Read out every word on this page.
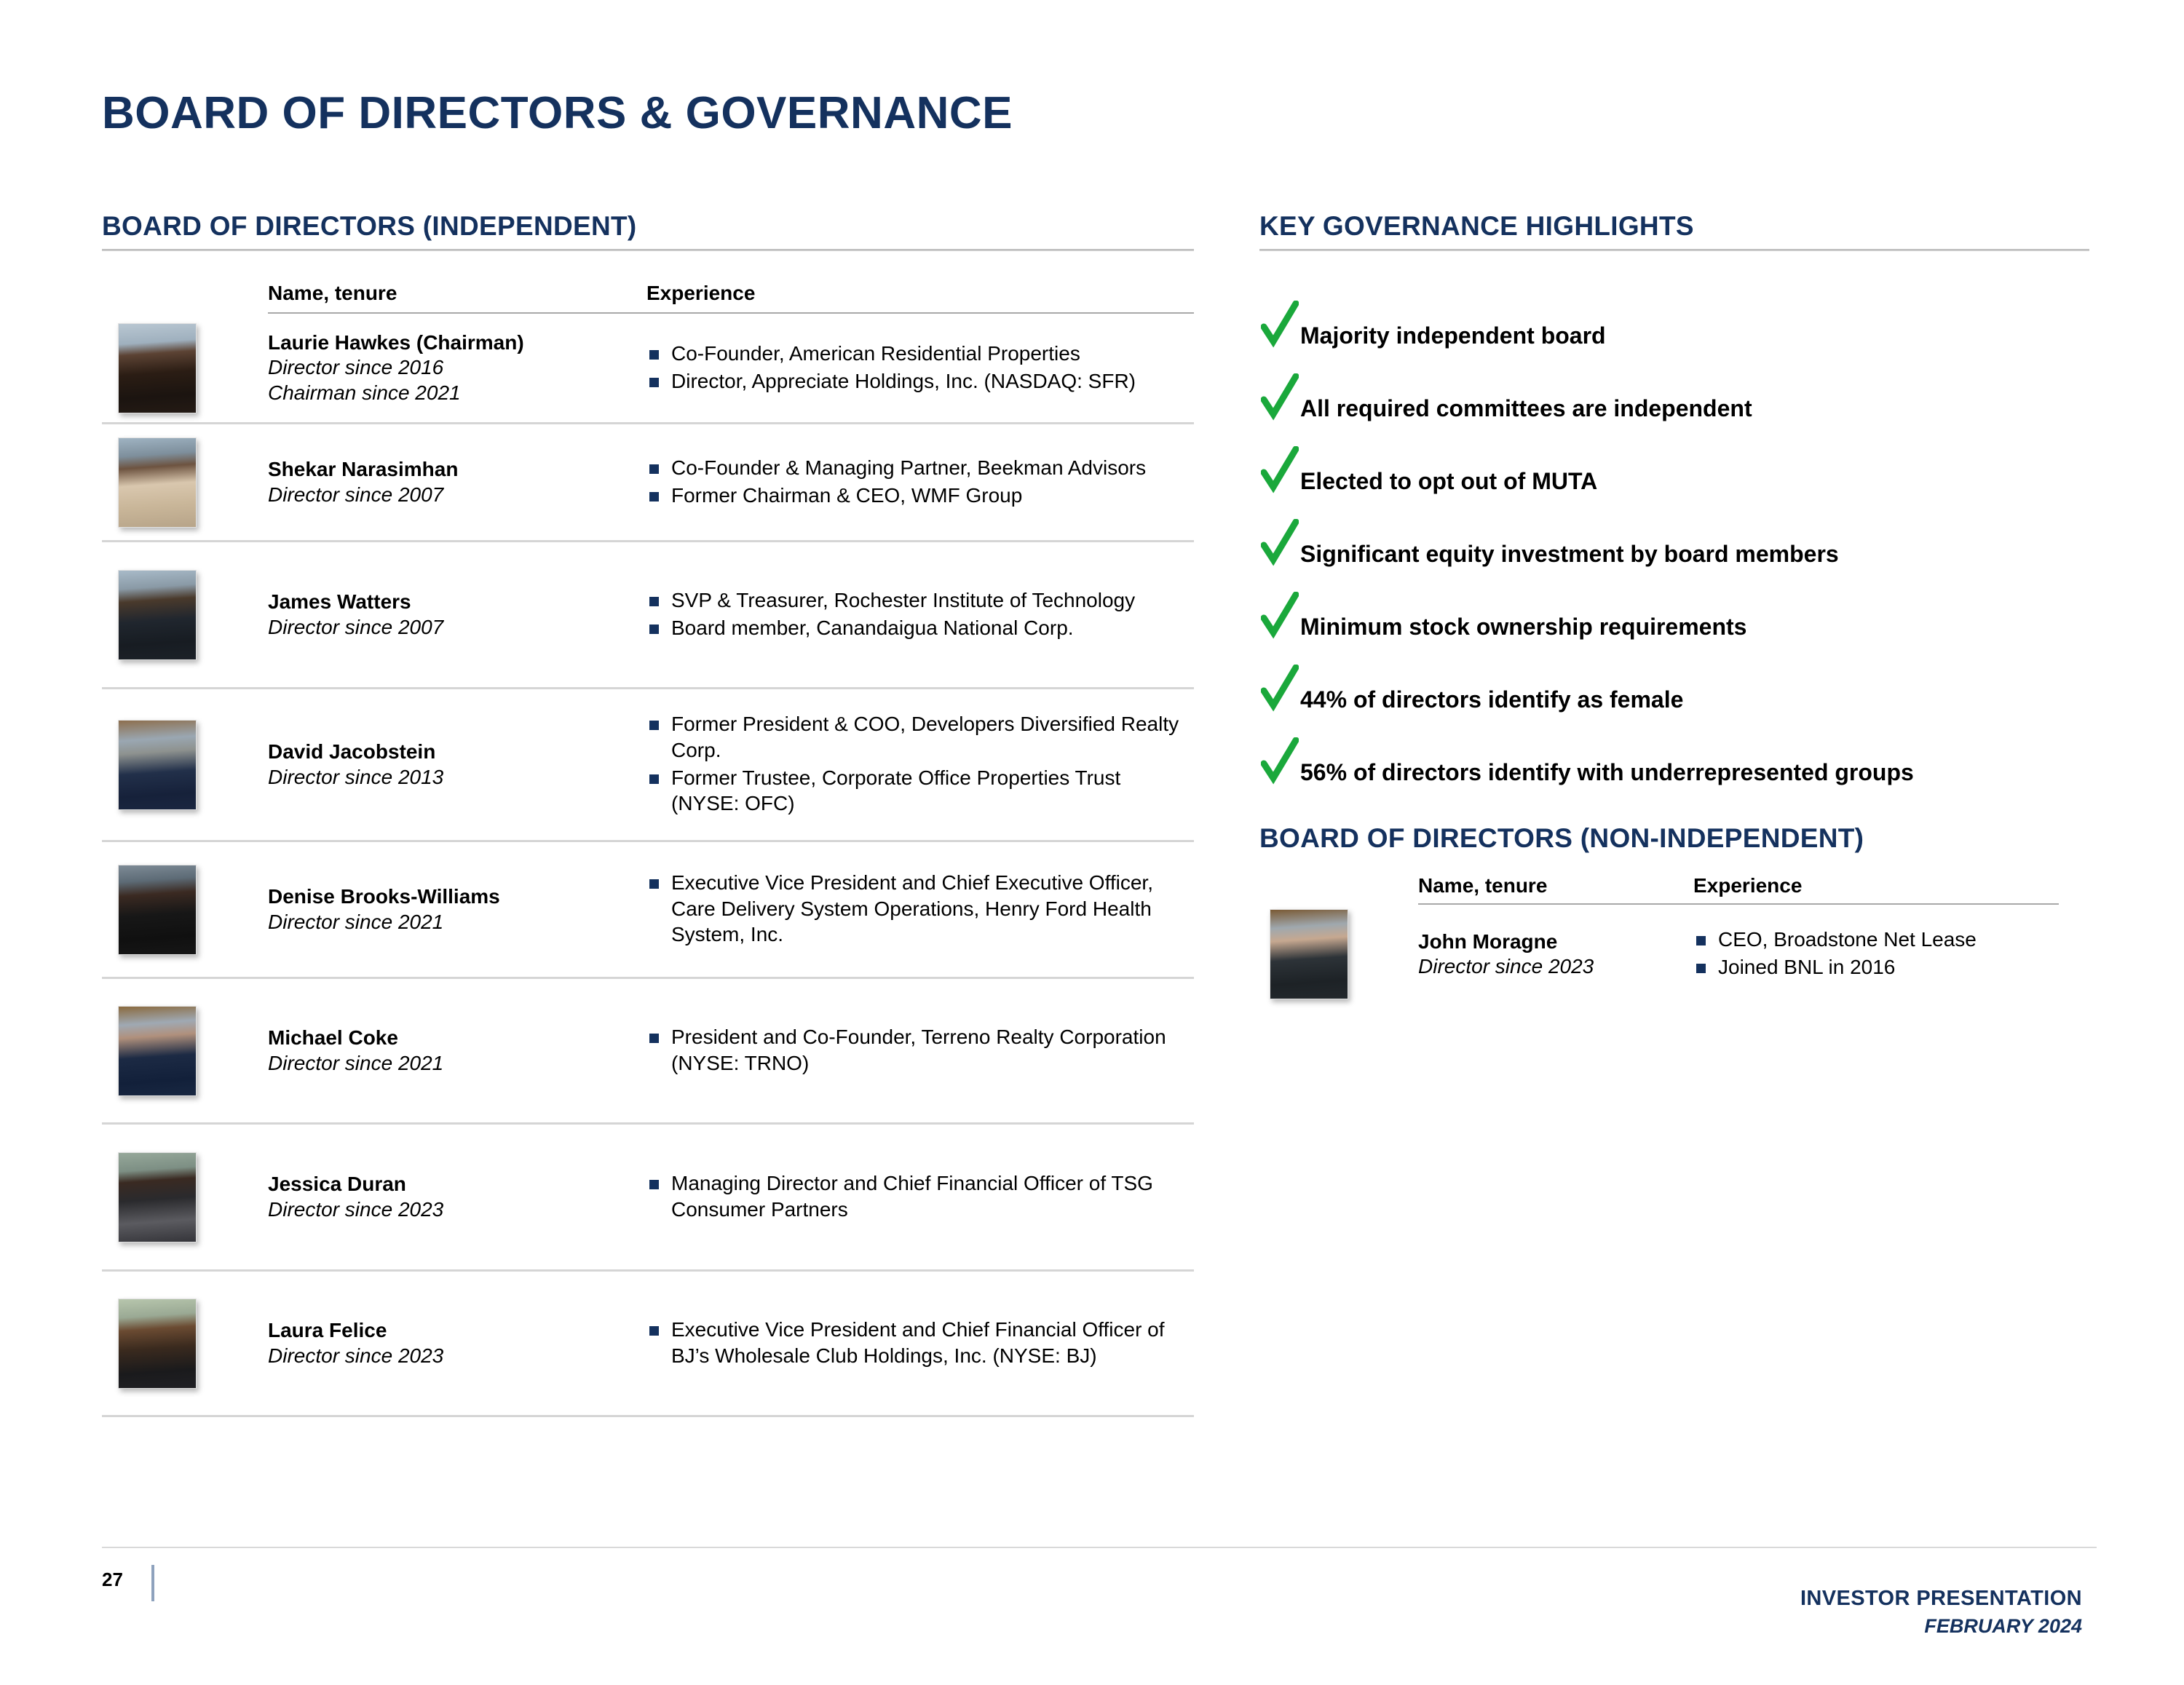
BOARD OF DIRECTORS & GOVERNANCE
BOARD OF DIRECTORS (INDEPENDENT)
Name, tenure	Experience
Laurie Hawkes (Chairman)
Director since 2016
Chairman since 2021
Co-Founder, American Residential Properties
Director, Appreciate Holdings, Inc. (NASDAQ: SFR)
Shekar Narasimhan
Director since 2007
Co-Founder & Managing Partner, Beekman Advisors
Former Chairman & CEO, WMF Group
James Watters
Director since 2007
SVP & Treasurer, Rochester Institute of Technology
Board member, Canandaigua National Corp.
David Jacobstein
Director since 2013
Former President & COO, Developers Diversified Realty Corp.
Former Trustee, Corporate Office Properties Trust (NYSE: OFC)
Denise Brooks-Williams
Director since 2021
Executive Vice President and Chief Executive Officer, Care Delivery System Operations, Henry Ford Health System, Inc.
Michael Coke
Director since 2021
President and Co-Founder, Terreno Realty Corporation (NYSE: TRNO)
Jessica Duran
Director since 2023
Managing Director and Chief Financial Officer of TSG Consumer Partners
Laura Felice
Director since 2023
Executive Vice President and Chief Financial Officer of BJ’s Wholesale Club Holdings, Inc. (NYSE: BJ)
KEY GOVERNANCE HIGHLIGHTS
Majority independent board
All required committees are independent
Elected to opt out of MUTA
Significant equity investment by board members
Minimum stock ownership requirements
44% of directors identify as female
56% of directors identify with underrepresented groups
BOARD OF DIRECTORS (NON-INDEPENDENT)
Name, tenure	Experience
John Moragne
Director since 2023
CEO, Broadstone Net Lease
Joined BNL in 2016
27
INVESTOR PRESENTATION
FEBRUARY 2024
